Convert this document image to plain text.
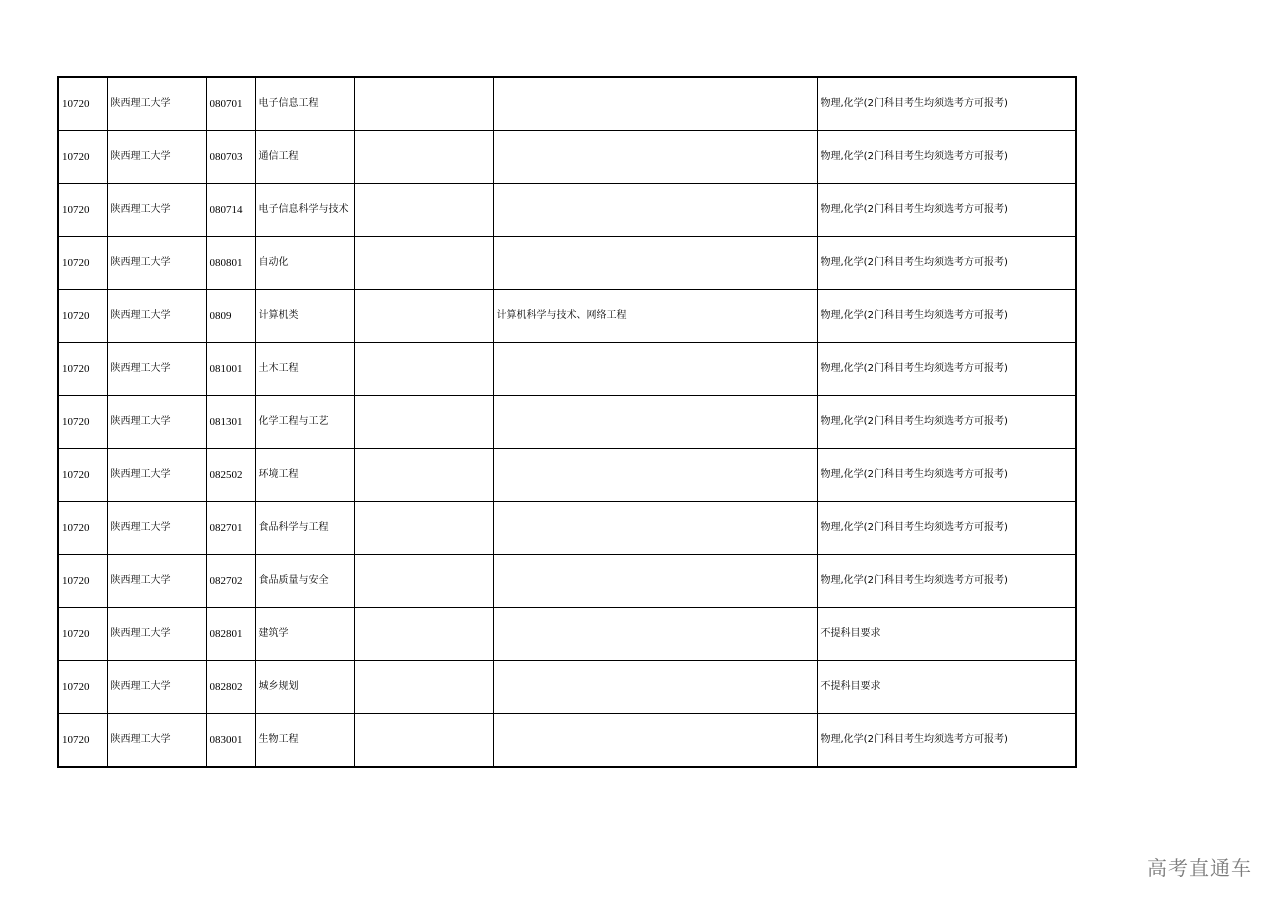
10720	陕西理工大学	080701	电子信息工程			物理,化学(2门科目考生均须选考方可报考)
10720	陕西理工大学	080703	通信工程			物理,化学(2门科目考生均须选考方可报考)
10720	陕西理工大学	080714	电子信息科学与技术			物理,化学(2门科目考生均须选考方可报考)
10720	陕西理工大学	080801	自动化			物理,化学(2门科目考生均须选考方可报考)
10720	陕西理工大学	0809	计算机类		计算机科学与技术、网络工程	物理,化学(2门科目考生均须选考方可报考)
10720	陕西理工大学	081001	土木工程			物理,化学(2门科目考生均须选考方可报考)
10720	陕西理工大学	081301	化学工程与工艺			物理,化学(2门科目考生均须选考方可报考)
10720	陕西理工大学	082502	环境工程			物理,化学(2门科目考生均须选考方可报考)
10720	陕西理工大学	082701	食品科学与工程			物理,化学(2门科目考生均须选考方可报考)
10720	陕西理工大学	082702	食品质量与安全			物理,化学(2门科目考生均须选考方可报考)
10720	陕西理工大学	082801	建筑学			不提科目要求
10720	陕西理工大学	082802	城乡规划			不提科目要求
10720	陕西理工大学	083001	生物工程			物理,化学(2门科目考生均须选考方可报考)
高考直通车
